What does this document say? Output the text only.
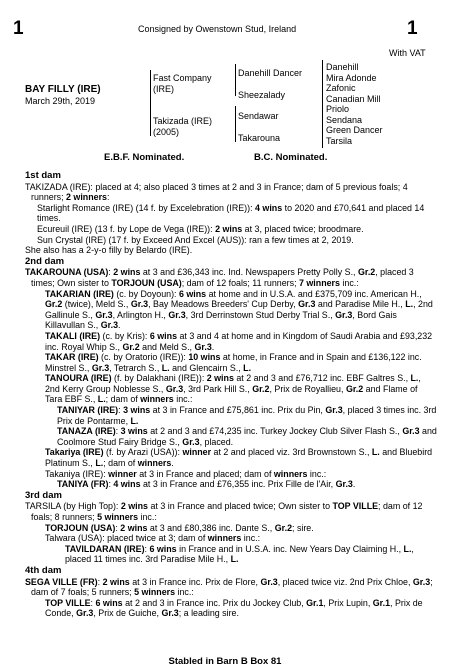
1	Consigned by Owenstown Stud, Ireland	1
With VAT
BAY FILLY (IRE)
March 29th, 2019
Fast Company
(IRE)
Takizada (IRE)
(2005)
Danehill Dancer
Sheezalady
Sendawar
Takarouna
Danehill
Mira Adonde
Zafonic
Canadian Mill
Priolo
Sendana
Green Dancer
Tarsila
E.B.F. Nominated.	B.C. Nominated.

1st dam

TAKIZADA (IRE): placed at 4; also placed 3 times at 2 and 3 in France; dam of 5 previous foals; 4 runners; 2 winners:

Starlight Romance (IRE) (14 f. by Excelebration (IRE)): 4 wins to 2020 and £70,641 and placed 14 times.

Ecureuil (IRE) (13 f. by Lope de Vega (IRE)): 2 wins at 3, placed twice; broodmare.

Sun Crystal (IRE) (17 f. by Exceed And Excel (AUS)): ran a few times at 2, 2019.

She also has a 2-y-o filly by Belardo (IRE).

2nd dam

TAKAROUNA (USA): 2 wins at 3 and £36,343 inc. Ind. Newspapers Pretty Polly S., Gr.2, placed 3 times; Own sister to TORJOUN (USA); dam of 12 foals; 11 runners; 7 winners inc.:

TAKARIAN (IRE) (c. by Doyoun): 6 wins at home and in U.S.A. and £375,709 inc. American H., Gr.2 (twice), Meld S., Gr.3, Bay Meadows Breeders' Cup Derby, Gr.3 and Paradise Mile H., L., 2nd Gallinule S., Gr.3, Arlington H., Gr.3, 3rd Derrinstown Stud Derby Trial S., Gr.3, Bord Gais Killavullan S., Gr.3.

TAKALI (IRE) (c. by Kris): 6 wins at 3 and 4 at home and in Kingdom of Saudi Arabia and £93,232 inc. Royal Whip S., Gr.2 and Meld S., Gr.3.

TAKAR (IRE) (c. by Oratorio (IRE)): 10 wins at home, in France and in Spain and £136,122 inc. Minstrel S., Gr.3, Tetrarch S., L. and Glencairn S., L.

TANOURA (IRE) (f. by Dalakhani (IRE)): 2 wins at 2 and 3 and £76,712 inc. EBF Galtres S., L., 2nd Kerry Group Noblesse S., Gr.3, 3rd Park Hill S., Gr.2, Prix de Royallieu, Gr.2 and Flame of Tara EBF S., L.; dam of winners inc.:

TANIYAR (IRE): 3 wins at 3 in France and £75,861 inc. Prix du Pin, Gr.3, placed 3 times inc. 3rd Prix de Pontarme, L.

TANAZA (IRE): 3 wins at 2 and 3 and £74,235 inc. Turkey Jockey Club Silver Flash S., Gr.3 and Coolmore Stud Fairy Bridge S., Gr.3, placed.

Takariya (IRE) (f. by Arazi (USA)): winner at 2 and placed viz. 3rd Brownstown S., L. and Bluebird Platinum S., L.; dam of winners.

Takaniya (IRE): winner at 3 in France and placed; dam of winners inc.:

TANIYA (FR): 4 wins at 3 in France and £76,355 inc. Prix Fille de l'Air, Gr.3.

3rd dam

TARSILA (by High Top): 2 wins at 3 in France and placed twice; Own sister to TOP VILLE; dam of 12 foals; 8 runners; 5 winners inc.:

TORJOUN (USA): 2 wins at 3 and £80,386 inc. Dante S., Gr.2; sire.

Talwara (USA): placed twice at 3; dam of winners inc.:

TAVILDARAN (IRE): 6 wins in France and in U.S.A. inc. New Years Day Claiming H., L., placed 11 times inc. 3rd Paradise Mile H., L.

4th dam

SEGA VILLE (FR): 2 wins at 3 in France inc. Prix de Flore, Gr.3, placed twice viz. 2nd Prix Chloe, Gr.3; dam of 7 foals; 5 runners; 5 winners inc.:

TOP VILLE: 6 wins at 2 and 3 in France inc. Prix du Jockey Club, Gr.1, Prix Lupin, Gr.1, Prix de Conde, Gr.3, Prix de Guiche, Gr.3; a leading sire.

Stabled in Barn B Box 81
